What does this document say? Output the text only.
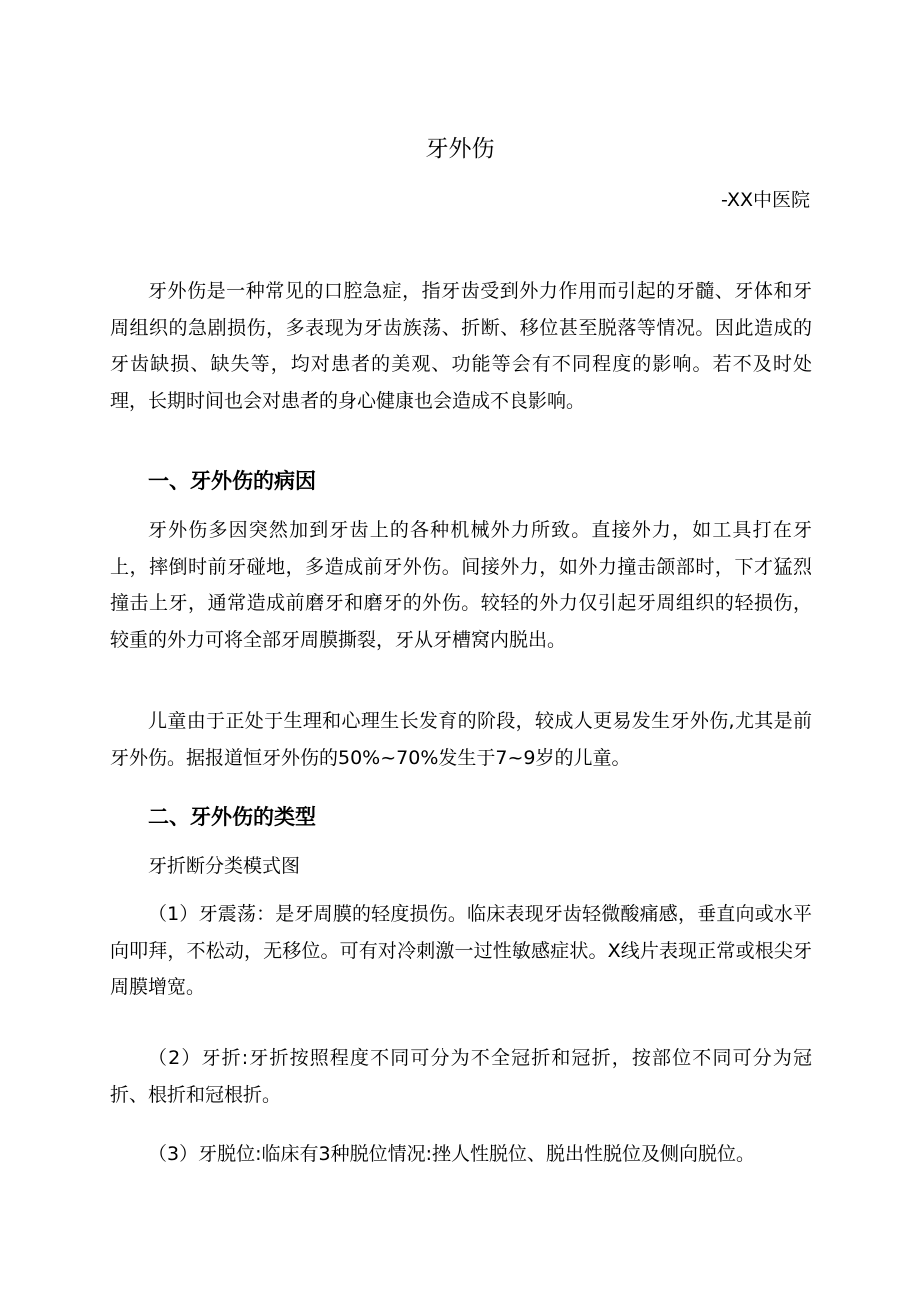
牙外伤

-XX中医院

牙外伤是一种常见的口腔急症，指牙齿受到外力作用而引起的牙髓、牙体和牙周组织的急剧损伤，多表现为牙齿族荡、折断、移位甚至脱落等情况。因此造成的牙齿缺损、缺失等，均对患者的美观、功能等会有不同程度的影响。若不及时处理，长期时间也会对患者的身心健康也会造成不良影响。

一、牙外伤的病因

牙外伤多因突然加到牙齿上的各种机械外力所致。直接外力，如工具打在牙上，摔倒时前牙碰地，多造成前牙外伤。间接外力，如外力撞击颌部时，下才猛烈撞击上牙，通常造成前磨牙和磨牙的外伤。较轻的外力仅引起牙周组织的轻损伤，较重的外力可将全部牙周膜撕裂，牙从牙槽窝内脱出。

儿童由于正处于生理和心理生长发育的阶段，较成人更易发生牙外伤,尤其是前牙外伤。据报道恒牙外伤的50%~70%发生于7~9岁的儿童。

二、牙外伤的类型

牙折断分类模式图

（1）牙震荡：是牙周膜的轻度损伤。临床表现牙齿轻微酸痛感，垂直向或水平向叩拜，不松动，无移位。可有对冷刺激一过性敏感症状。X线片表现正常或根尖牙周膜增宽。

（2）牙折:牙折按照程度不同可分为不全冠折和冠折，按部位不同可分为冠折、根折和冠根折。

（3）牙脱位:临床有3种脱位情况:挫人性脱位、脱出性脱位及侧向脱位。
